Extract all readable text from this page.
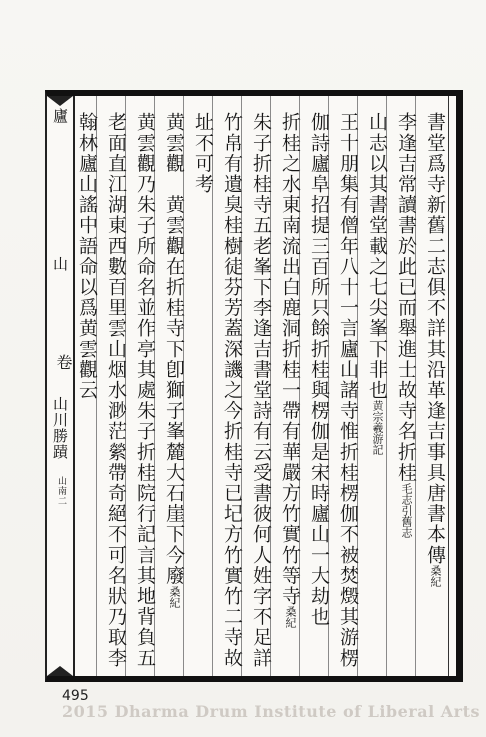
廬
山
卷
山川勝蹟
山南二	書堂爲寺新舊二志俱不詳其沿革逢吉事具唐書本傳桑紀
李逢吉常讀書於此已而舉進士故寺名折桂毛志引舊志
山志以其書堂載之七尖峯下非也黄宗羲游記
王十朋集有僧年八十一言廬山諸寺惟折桂楞伽不被焚燬其游楞
伽詩廬阜招提三百所只餘折桂與楞伽是宋時廬山一大劫也
折桂之水東南流出白鹿洞折桂一帶有華嚴方竹實竹等寺桑紀
朱子折桂寺五老峯下李逢吉書堂詩有云受書彼何人姓字不足詳
竹帛有遺臭桂樹徒芬芳蓋深譏之今折桂寺已圮方竹實竹二寺故
址不可考
黄雲觀　黄雲觀在折桂寺下卽獅子峯麓大石崖下今廢桑紀
黄雲觀乃朱子所命名並作亭其處朱子折桂院行記言其地背負五
老面直江湖東西數百里雲山烟水渺茫縈帶奇絕不可名狀乃取李
翰林廬山謠中語命以爲黄雲觀云
495
2015 Dharma Drum Institute of Liberal Arts
